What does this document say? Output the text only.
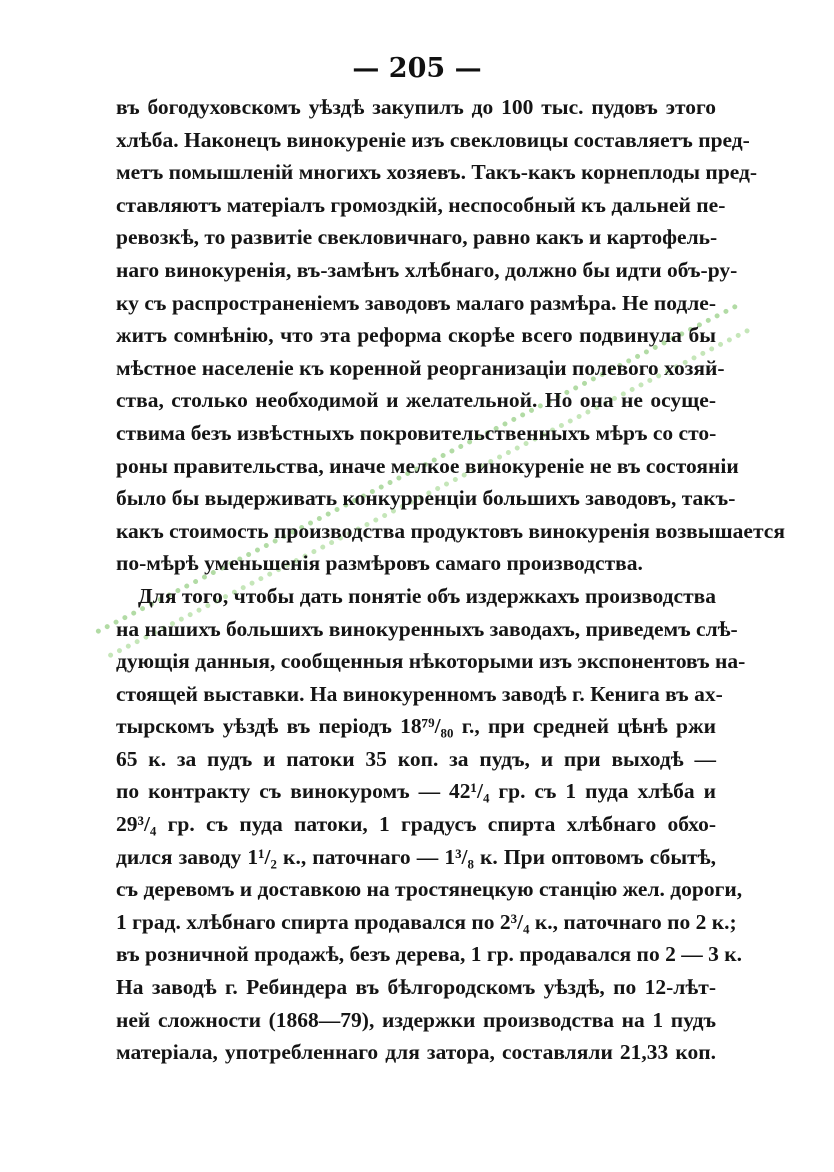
— 205 —
въ богодуховскомъ уѣздѣ закупилъ до 100 тыс. пудовъ этого
хлѣба. Наконецъ винокуреніе изъ свекловицы составляетъ пред-
метъ помышленій многихъ хозяевъ. Такъ-какъ корнеплоды пред-
ставляютъ матеріалъ громоздкій, неспособный къ дальней пе-
ревозкѣ, то развитіе свекловичнаго, равно какъ и картофель-
наго винокуренія, въ-замѣнъ хлѣбнаго, должно бы идти объ-ру-
ку съ распространеніемъ заводовъ малаго размѣра. Не подле-
житъ сомнѣнію, что эта реформа скорѣе всего подвинула бы
мѣстное населеніе къ коренной реорганизаціи полевого хозяй-
ства, столько необходимой и желательной. Но она не осуще-
ствима безъ извѣстныхъ покровительственныхъ мѣръ со сто-
роны правительства, иначе мелкое винокуреніе не въ состояніи
было бы выдерживать конкурренціи большихъ заводовъ, такъ-
какъ стоимость производства продуктовъ винокуренія возвышается
по-мѣрѣ уменьшенія размѣровъ самаго производства.
Для того, чтобы дать понятіе объ издержкахъ производства
на нашихъ большихъ винокуренныхъ заводахъ, приведемъ слѣ-
дующія данныя, сообщенныя нѣкоторыми изъ экспонентовъ на-
стоящей выставки. На винокуренномъ заводѣ г. Кенига въ ах-
тырскомъ уѣздѣ въ періодъ 18⁷⁹/₈₀ г., при средней цѣнѣ ржи
65 к. за пудъ и патоки 35 коп. за пудъ, и при выходѣ —
по контракту съ винокуромъ — 42¹/₄ гр. съ 1 пуда хлѣба и
29³/₄ гр. съ пуда патоки, 1 градусъ спирта хлѣбнаго обхо-
дился заводу 1¹/₂ к., паточнаго — 1³/₈ к. При оптовомъ сбытѣ,
съ деревомъ и доставкою на тростянецкую станцію жел. дороги,
1 град. хлѣбнаго спирта продавался по 2³/₄ к., паточнаго по 2 к.;
въ розничной продажѣ, безъ дерева, 1 гр. продавался по 2 — 3 к.
На заводѣ г. Ребиндера въ бѣлгородскомъ уѣздѣ, по 12-лѣт-
ней сложности (1868—79), издержки производства на 1 пудъ
матеріала, употребленнаго для затора, составляли 21,33 коп.
